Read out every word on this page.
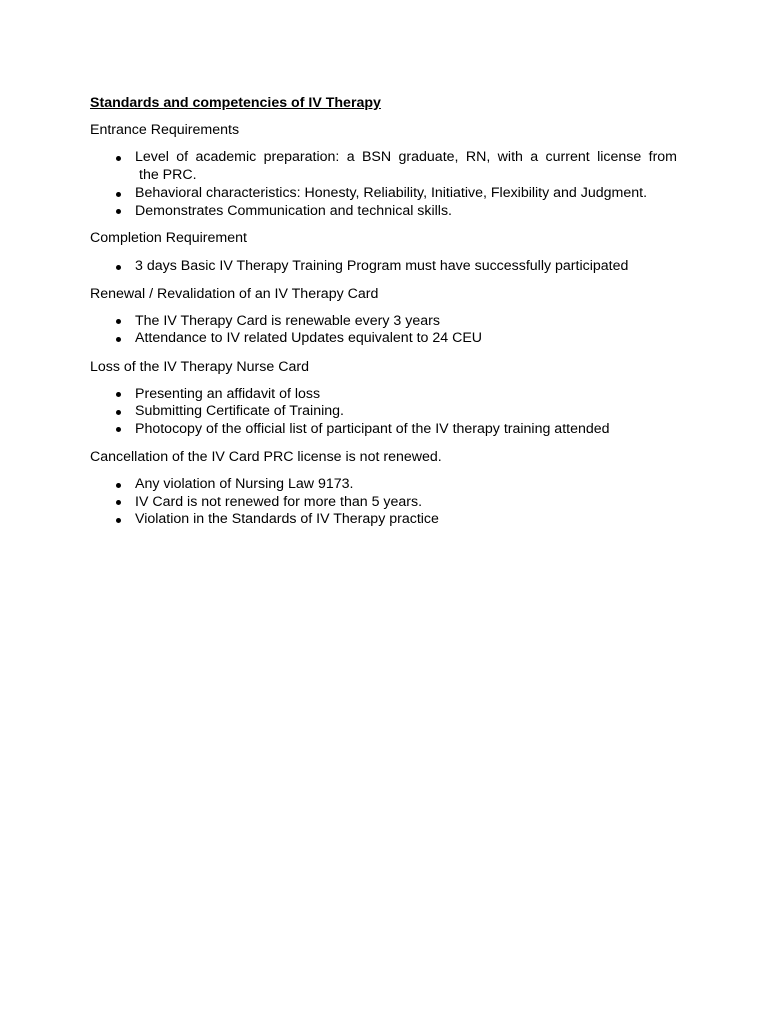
Standards and competencies of IV Therapy
Entrance Requirements
Level of academic preparation: a BSN graduate, RN, with a current license from
the PRC.
Behavioral characteristics: Honesty, Reliability, Initiative, Flexibility and Judgment.
Demonstrates Communication and technical skills.
Completion Requirement
3 days Basic IV Therapy Training Program must have successfully participated
Renewal / Revalidation of an IV Therapy Card
The IV Therapy Card is renewable every 3 years
Attendance to IV related Updates equivalent to 24 CEU
Loss of the IV Therapy Nurse Card
Presenting an affidavit of loss
Submitting Certificate of Training.
Photocopy of the official list of participant of the IV therapy training attended
Cancellation of the IV Card PRC license is not renewed.
Any violation of Nursing Law 9173.
IV Card is not renewed for more than 5 years.
Violation in the Standards of IV Therapy practice
